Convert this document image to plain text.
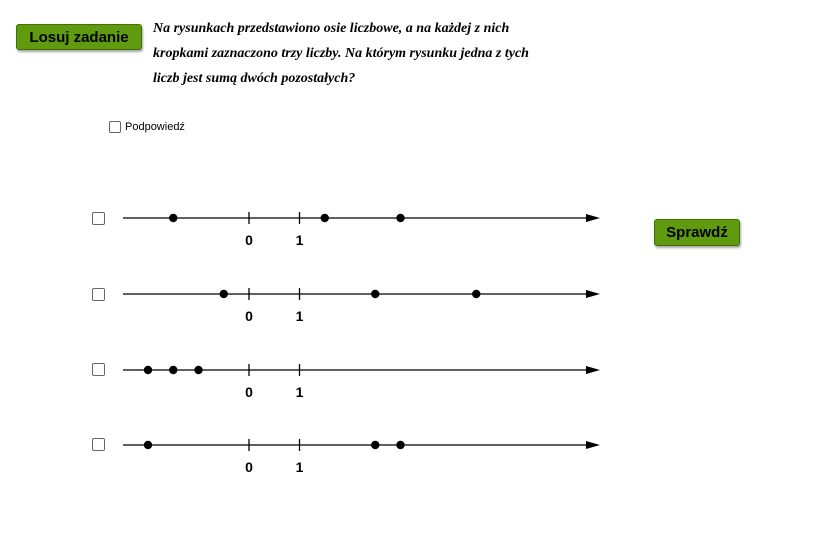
Losuj zadanie	Na rysunkach przedstawiono osie liczbowe, a na każdej z nich
kropkami zaznaczono trzy liczby. Na którym rysunku jedna z tych
liczb jest sumą dwóch pozostałych?
Podpowiedź
0	1
0	1
0	1
0	1
Sprawdź
